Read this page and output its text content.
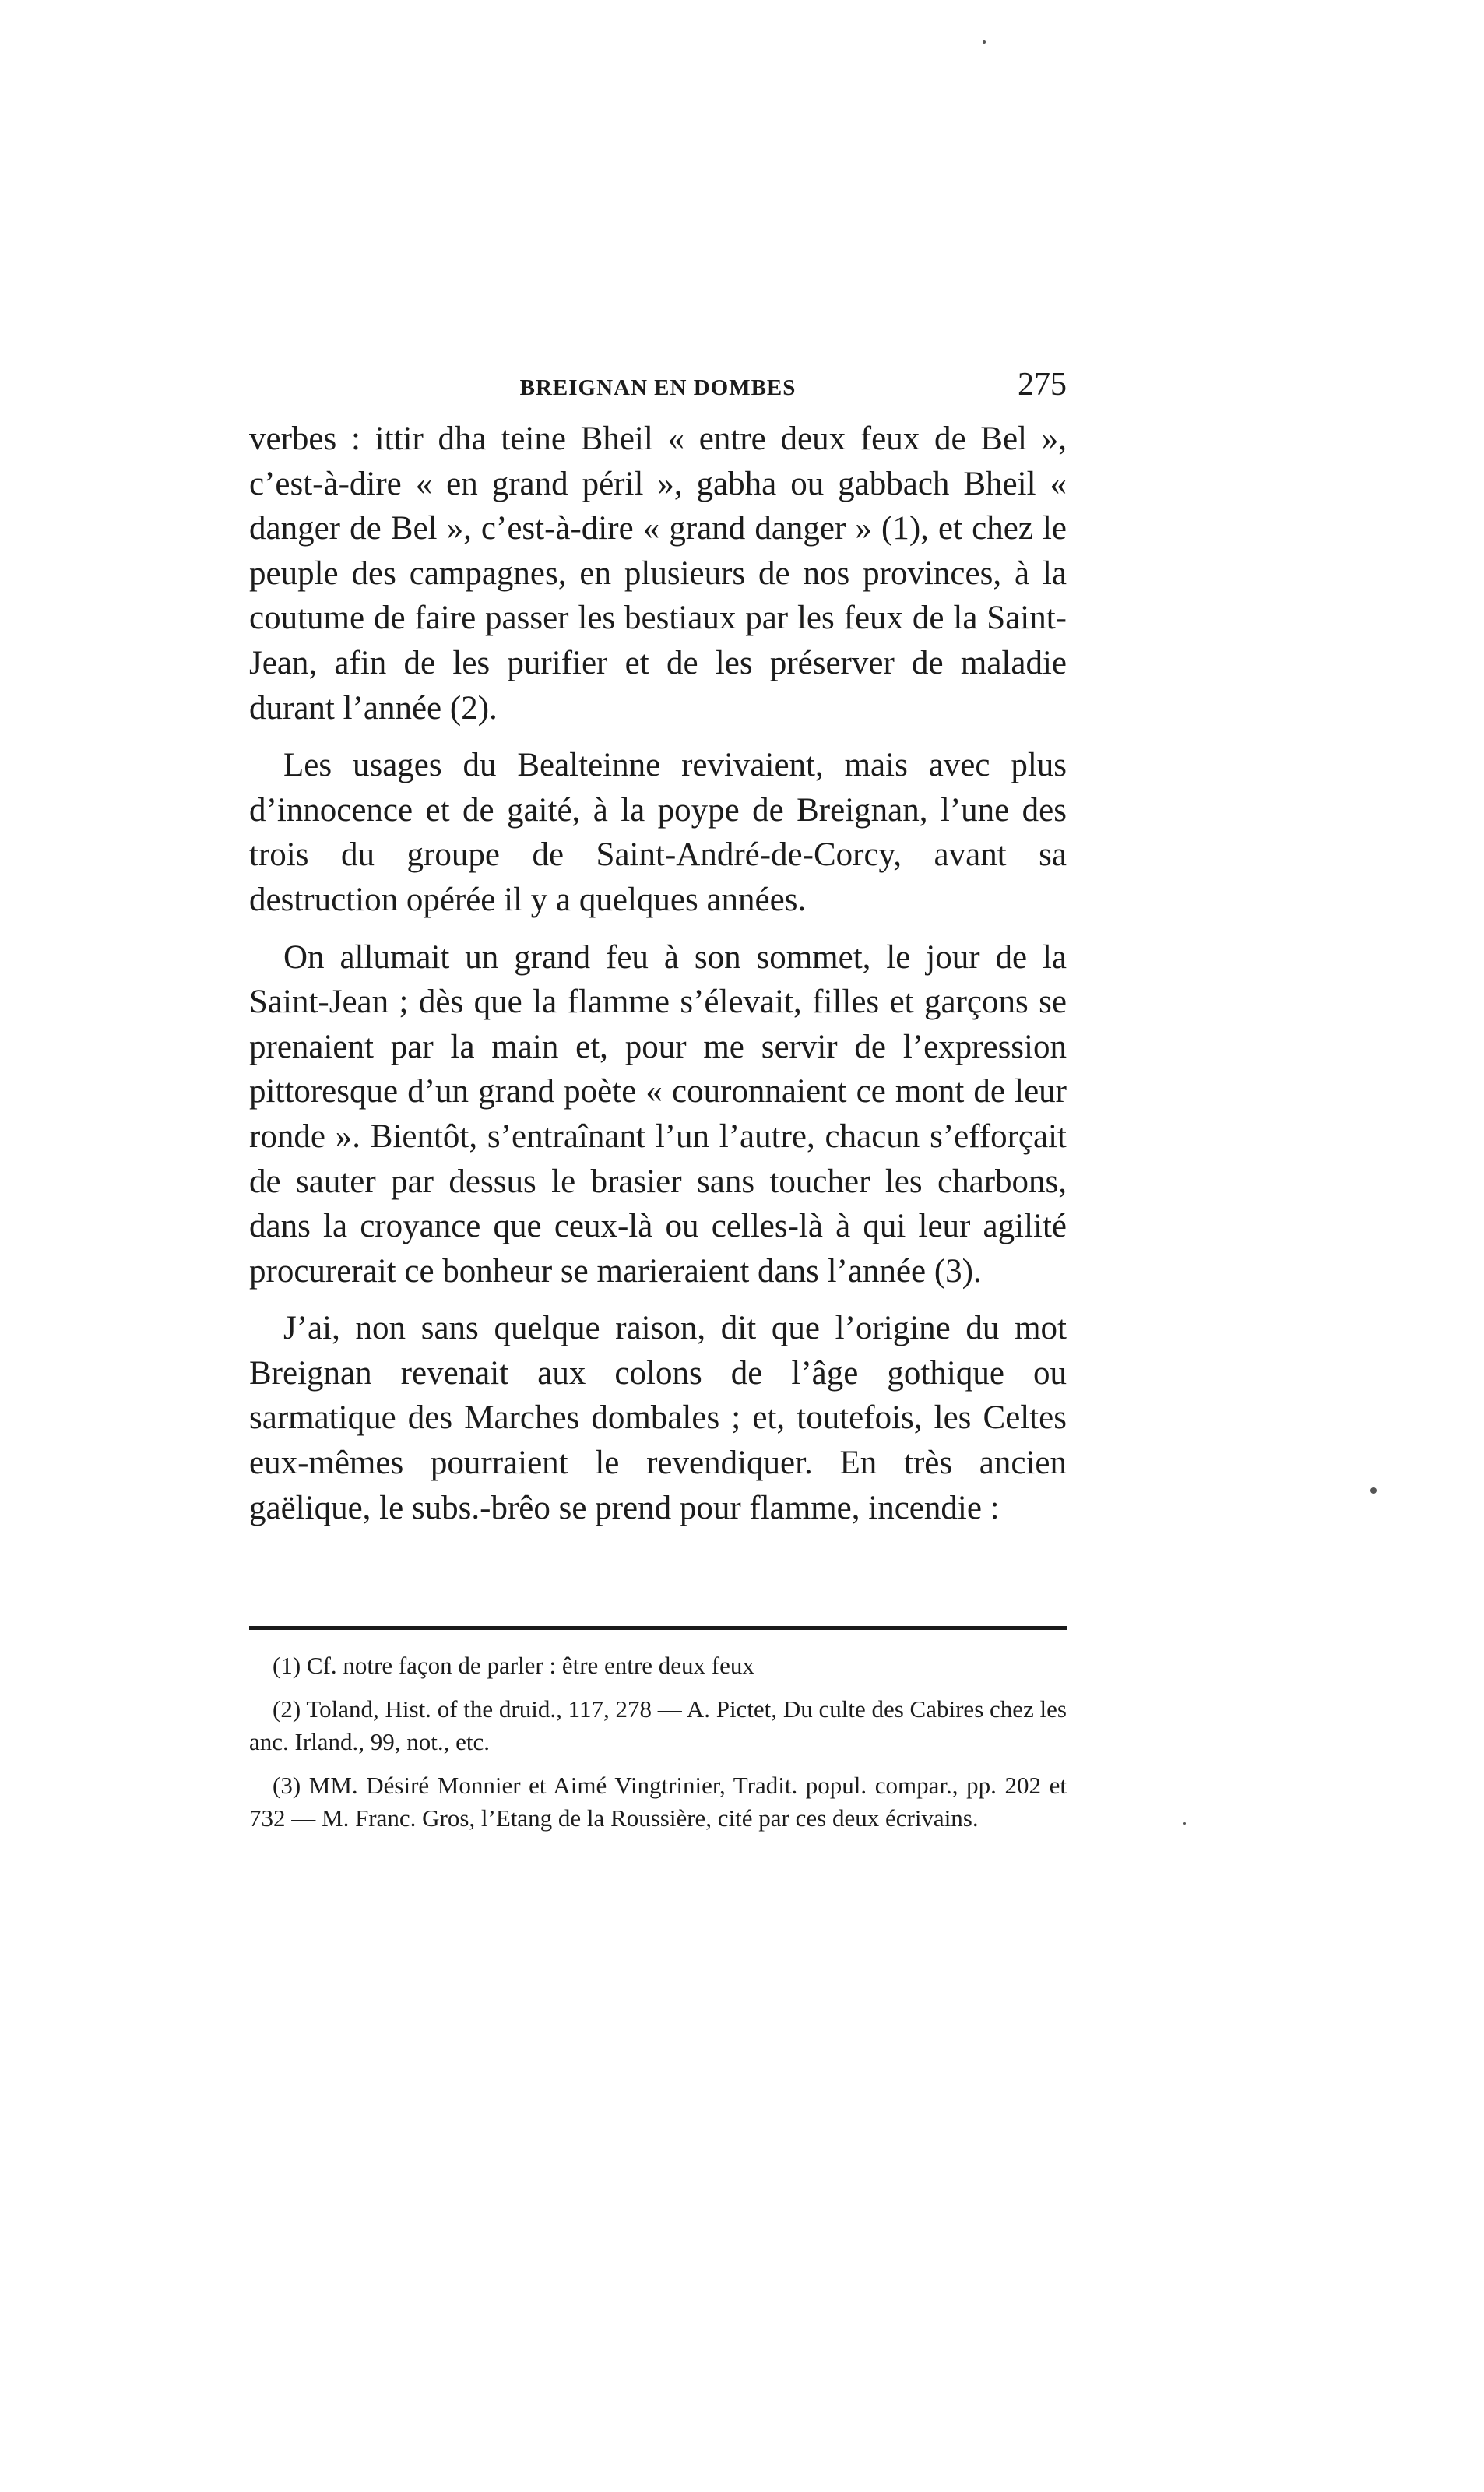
BREIGNAN EN DOMBES	275

verbes : ittir dha teine Bheil « entre deux feux de Bel », c’est-à-dire « en grand péril », gabha ou gabbach Bheil « danger de Bel », c’est-à-dire « grand danger » (1), et chez le peuple des campagnes, en plusieurs de nos provinces, à la coutume de faire passer les bestiaux par les feux de la Saint-Jean, afin de les purifier et de les préserver de maladie durant l’année (2).

Les usages du Bealteinne revivaient, mais avec plus d’innocence et de gaité, à la poype de Breignan, l’une des trois du groupe de Saint-André-de-Corcy, avant sa destruction opérée il y a quelques années.

On allumait un grand feu à son sommet, le jour de la Saint-Jean ; dès que la flamme s’élevait, filles et garçons se prenaient par la main et, pour me servir de l’expression pittoresque d’un grand poète « couronnaient ce mont de leur ronde ». Bientôt, s’entraînant l’un l’autre, chacun s’efforçait de sauter par dessus le brasier sans toucher les charbons, dans la croyance que ceux-là ou celles-là à qui leur agilité procurerait ce bonheur se marieraient dans l’année (3).

J’ai, non sans quelque raison, dit que l’origine du mot Breignan revenait aux colons de l’âge gothique ou sarmatique des Marches dombales ; et, toutefois, les Celtes eux-mêmes pourraient le revendiquer. En très ancien gaëlique, le subs.-brêo se prend pour flamme, incendie :

(1) Cf. notre façon de parler : être entre deux feux

(2) Toland, Hist. of the druid., 117, 278 — A. Pictet, Du culte des Cabires chez les anc. Irland., 99, not., etc.

(3) MM. Désiré Monnier et Aimé Vingtrinier, Tradit. popul. compar., pp. 202 et 732 — M. Franc. Gros, l’Etang de la Roussière, cité par ces deux écrivains.
